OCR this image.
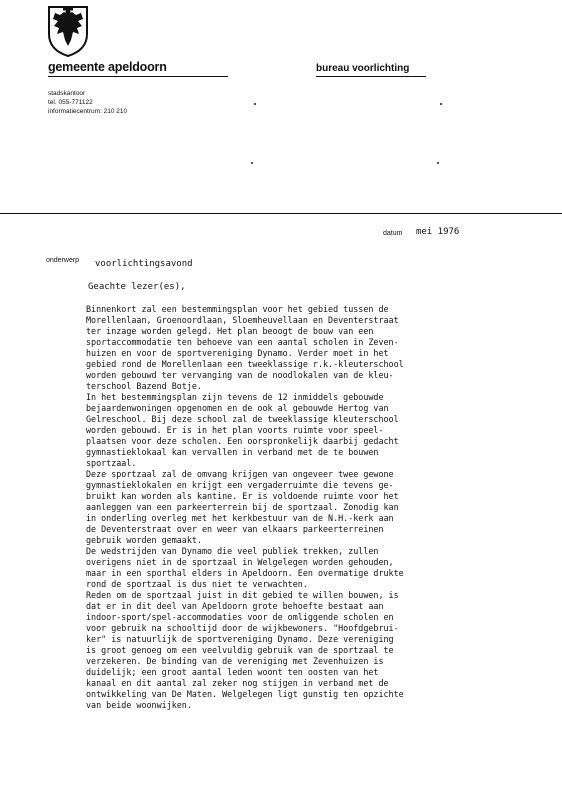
gemeente apeldoorn	bureau voorlichting
stadskantoor
tel. 055-771122
informatiecentrum: 210 210
datum mei 1976
onderwerp voorlichtingsavond
Geachte lezer(es),
Binnenkort zal een bestemmingsplan voor het gebied tussen de
Morellenlaan, Groenoordlaan, Sloemheuvellaan en Deventerstraat
ter inzage worden gelegd. Het plan beoogt de bouw van een
sportaccommodatie ten behoeve van een aantal scholen in Zeven-
huizen en voor de sportvereniging Dynamo. Verder moet in het
gebied rond de Morellenlaan een tweeklassige r.k.-kleuterschool
worden gebouwd ter vervanging van de noodlokalen van de kleu-
terschool Bazend Botje.
In het bestemmingsplan zijn tevens de 12 inmiddels gebouwde
bejaardenwoningen opgenomen en de ook al gebouwde Hertog van
Gelreschool. Bij deze school zal de tweeklassige kleuterschool
worden gebouwd. Er is in het plan voorts ruimte voor speel-
plaatsen voor deze scholen. Een oorspronkelijk daarbij gedacht
gymnastieklokaal kan vervallen in verband met de te bouwen
sportzaal.
Deze sportzaal zal de omvang krijgen van ongeveer twee gewone
gymnastieklokalen en krijgt een vergaderruimte die tevens ge-
bruikt kan worden als kantine. Er is voldoende ruimte voor het
aanleggen van een parkeerterrein bij de sportzaal. Zonodig kan
in onderling overleg met het kerkbestuur van de N.H.-kerk aan
de Deventerstraat over en weer van elkaars parkeerterreinen
gebruik worden gemaakt.
De wedstrijden van Dynamo die veel publiek trekken, zullen
overigens niet in de sportzaal in Welgelegen worden gehouden,
maar in een sporthal elders in Apeldoorn. Een overmatige drukte
rond de sportzaal is dus niet te verwachten.
Reden om de sportzaal juist in dit gebied te willen bouwen, is
dat er in dit deel van Apeldoorn grote behoefte bestaat aan
indoor-sport/spel-accommodaties voor de omliggende scholen en
voor gebruik na schooltijd door de wijkbewoners. "Hoofdgebrui-
ker" is natuurlijk de sportvereniging Dynamo. Deze vereniging
is groot genoeg om een veelvuldig gebruik van de sportzaal te
verzekeren. De binding van de vereniging met Zevenhuizen is
duidelijk; een groot aantal leden woont ten oosten van het
kanaal en dit aantal zal zeker nog stijgen in verband met de
ontwikkeling van De Maten. Welgelegen ligt gunstig ten opzichte
van beide woonwijken.
